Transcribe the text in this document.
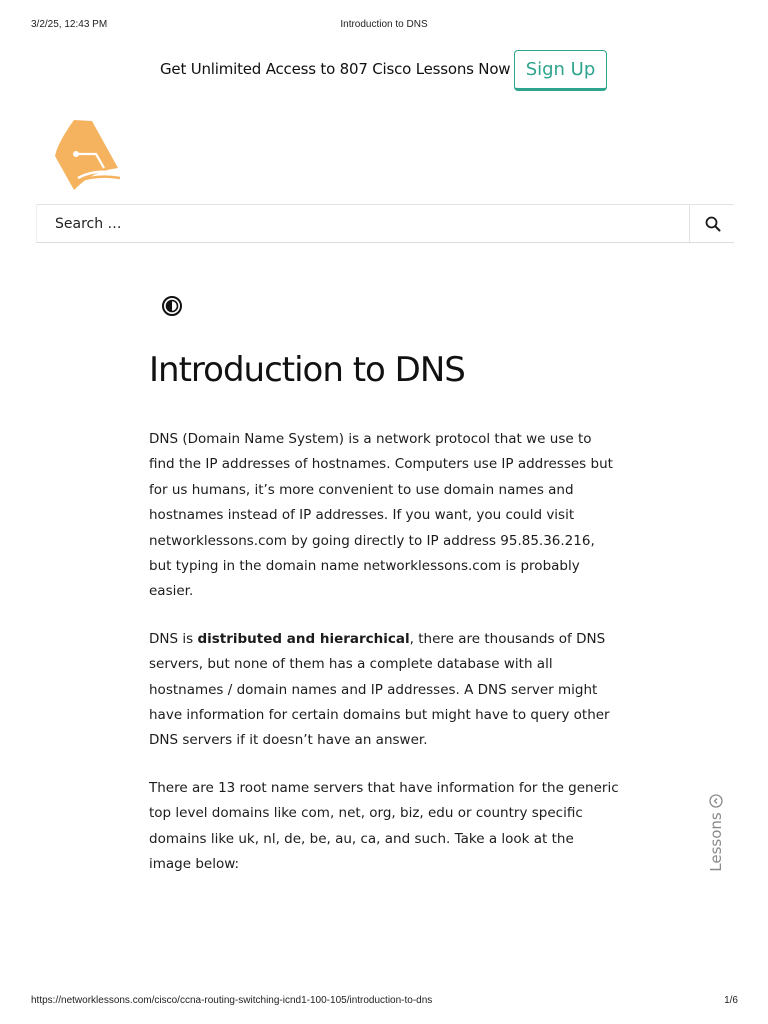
3/2/25, 12:43 PM	Introduction to DNS
Get Unlimited Access to 807 Cisco Lessons Now Sign Up
Search …
Introduction to DNS

DNS (Domain Name System) is a network protocol that we use to find the IP addresses of hostnames. Computers use IP addresses but for us humans, it’s more convenient to use domain names and hostnames instead of IP addresses. If you want, you could visit networklessons.com by going directly to IP address 95.85.36.216, but typing in the domain name networklessons.com is probably easier.

DNS is distributed and hierarchical, there are thousands of DNS servers, but none of them has a complete database with all hostnames / domain names and IP addresses. A DNS server might have information for certain domains but might have to query other DNS servers if it doesn’t have an answer.

There are 13 root name servers that have information for the generic top level domains like com, net, org, biz, edu or country specific domains like uk, nl, de, be, au, ca, and such. Take a look at the image below:	Lessons
https://networklessons.com/cisco/ccna-routing-switching-icnd1-100-105/introduction-to-dns	1/6
